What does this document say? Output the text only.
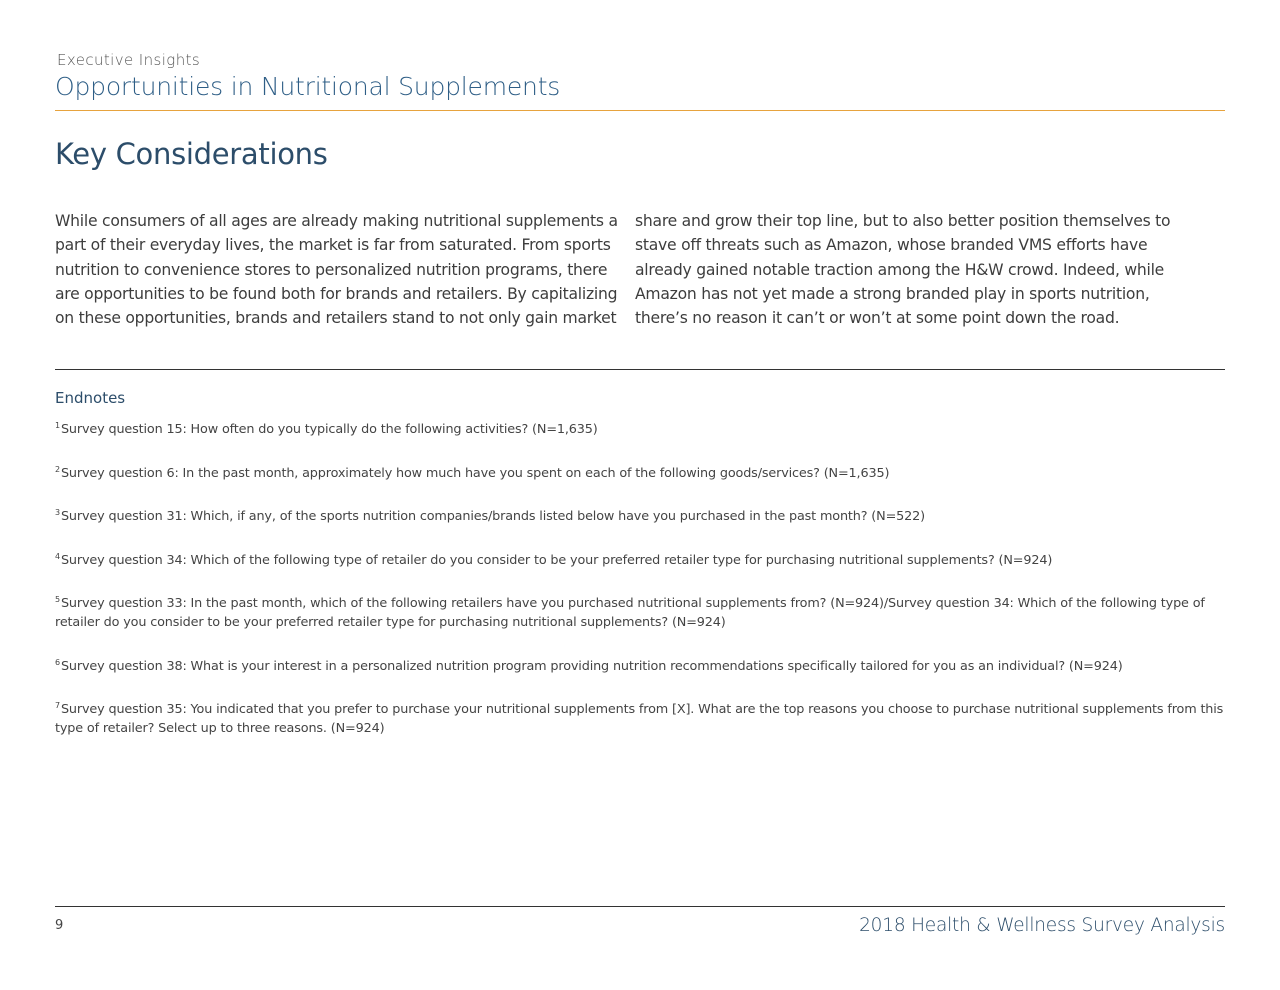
Executive Insights
Opportunities in Nutritional Supplements
Key Considerations

While consumers of all ages are already making nutritional supplements a part of their everyday lives, the market is far from saturated. From sports nutrition to convenience stores to personalized nutrition programs, there are opportunities to be found both for brands and retailers. By capitalizing on these opportunities, brands and retailers stand to not only gain market

share and grow their top line, but to also better position themselves to stave off threats such as Amazon, whose branded VMS efforts have already gained notable traction among the H&W crowd. Indeed, while Amazon has not yet made a strong branded play in sports nutrition, there’s no reason it can’t or won’t at some point down the road.

Endnotes
$^1$Survey question 15: How often do you typically do the following activities? (N=1,635)
$^2$Survey question 6: In the past month, approximately how much have you spent on each of the following goods/services? (N=1,635)
$^3$Survey question 31: Which, if any, of the sports nutrition companies/brands listed below have you purchased in the past month? (N=522)
$^4$Survey question 34: Which of the following type of retailer do you consider to be your preferred retailer type for purchasing nutritional supplements? (N=924)
$^5$Survey question 33: In the past month, which of the following retailers have you purchased nutritional supplements from? (N=924)/Survey question 34: Which of the following type of retailer do you consider to be your preferred retailer type for purchasing nutritional supplements? (N=924)
$^6$Survey question 38: What is your interest in a personalized nutrition program providing nutrition recommendations specifically tailored for you as an individual? (N=924)
$^7$Survey question 35: You indicated that you prefer to purchase your nutritional supplements from [X]. What are the top reasons you choose to purchase nutritional supplements from this type of retailer? Select up to three reasons. (N=924)
9	2018 Health & Wellness Survey Analysis
